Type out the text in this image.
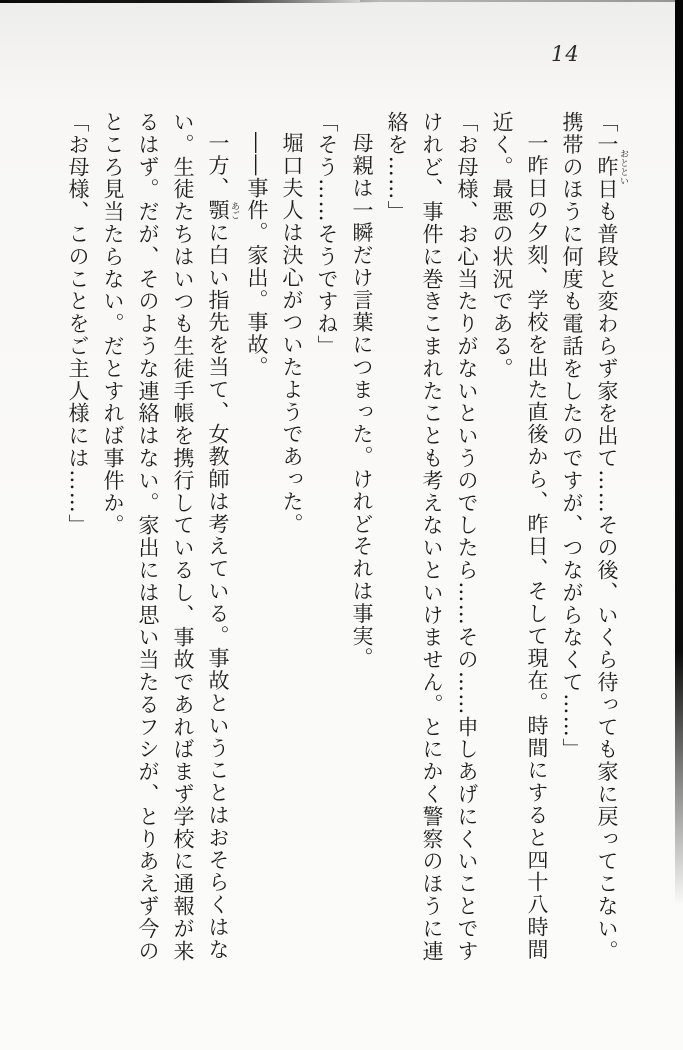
14

「一昨日 おとといも普段と変わらず家を出て……その後、いくら待っても家に戻ってこない。携帯のほうに何度も電話をしたのですが、つながらなくて……」

一昨日の夕刻、学校を出た直後から、昨日、そして現在。時間にすると四十八時間近く。最悪の状況である。

「お母様、お心当たりがないというのでしたら……その……申しあげにくいことですけれど、事件に巻きこまれたことも考えないといけません。とにかく警察のほうに連絡を……」

母親は一瞬だけ言葉につまった。けれどそれは事実。

「そう……そうですね」

堀口夫人は決心がついたようであった。

――事件。家出。事故。

一方、顎 あごに白い指先を当て、女教師は考えている。事故ということはおそらくはない。生徒たちはいつも生徒手帳を携行しているし、事故であればまず学校に通報が来るはず。だが、そのような連絡はない。家出には思い当たるフシが、とりあえず今のところ見当たらない。だとすれば事件か。

「お母様、このことをご主人様には……」
